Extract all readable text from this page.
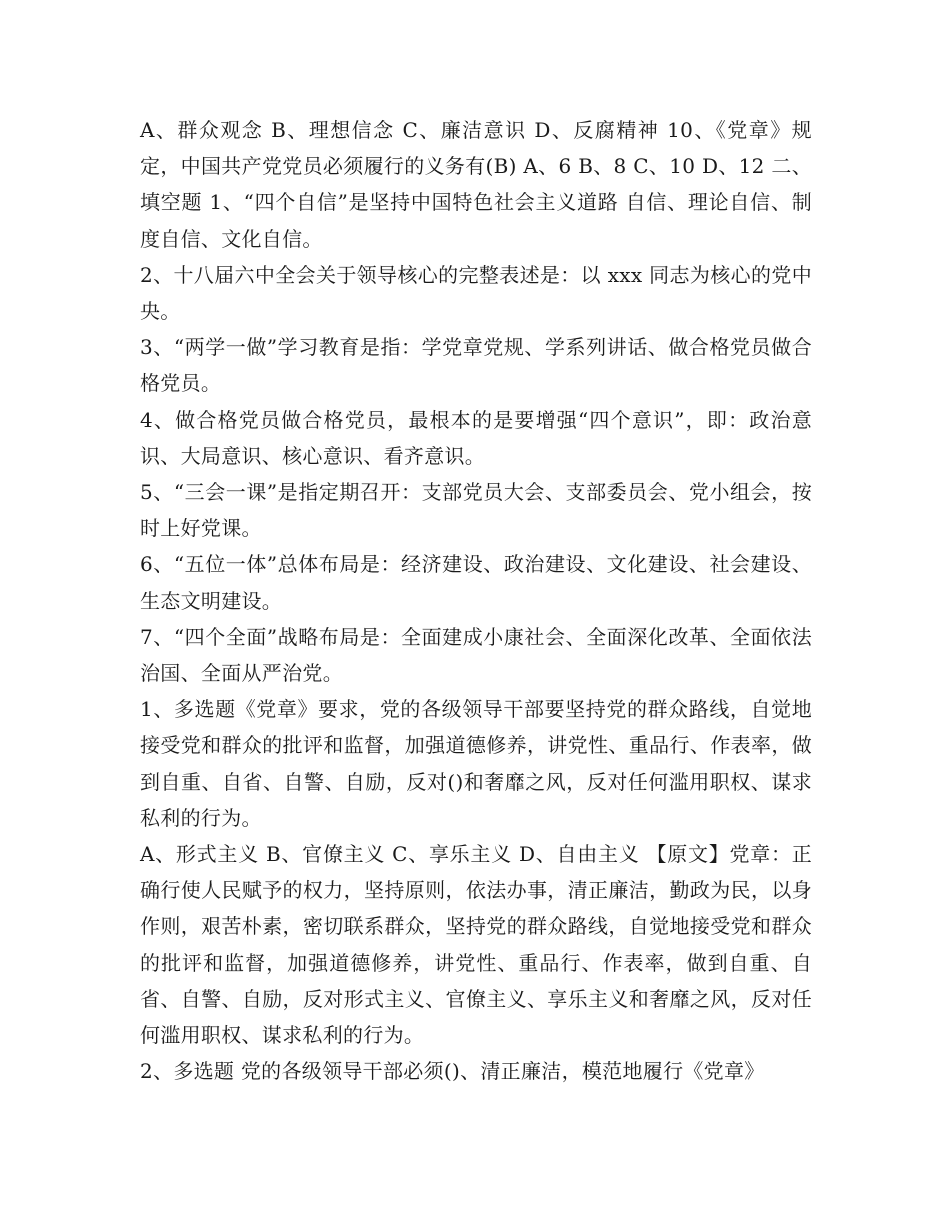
A、群众观念 B、理想信念 C、廉洁意识 D、反腐精神 10、《党章》规定，中国共产党党员必须履行的义务有(B) A、6 B、8 C、10 D、12 二、填空题 1、“四个自信”是坚持中国特色社会主义道路 自信、理论自信、制度自信、文化自信。

2、十八届六中全会关于领导核心的完整表述是：以 xxx 同志为核心的党中央。

3、“两学一做”学习教育是指：学党章党规、学系列讲话、做合格党员做合格党员。

4、做合格党员做合格党员，最根本的是要增强“四个意识”，即：政治意识、大局意识、核心意识、看齐意识。

5、“三会一课”是指定期召开：支部党员大会、支部委员会、党小组会，按时上好党课。

6、“五位一体”总体布局是：经济建设、政治建设、文化建设、社会建设、生态文明建设。

7、“四个全面”战略布局是：全面建成小康社会、全面深化改革、全面依法治国、全面从严治党。

1、多选题《党章》要求，党的各级领导干部要坚持党的群众路线，自觉地接受党和群众的批评和监督，加强道德修养，讲党性、重品行、作表率，做到自重、自省、自警、自励，反对()和奢靡之风，反对任何滥用职权、谋求私利的行为。

A、形式主义 B、官僚主义 C、享乐主义 D、自由主义 【原文】党章：正确行使人民赋予的权力，坚持原则，依法办事，清正廉洁，勤政为民，以身作则，艰苦朴素，密切联系群众，坚持党的群众路线，自觉地接受党和群众的批评和监督，加强道德修养，讲党性、重品行、作表率，做到自重、自省、自警、自励，反对形式主义、官僚主义、享乐主义和奢靡之风，反对任何滥用职权、谋求私利的行为。

2、多选题 党的各级领导干部必须()、清正廉洁，模范地履行《党章》
